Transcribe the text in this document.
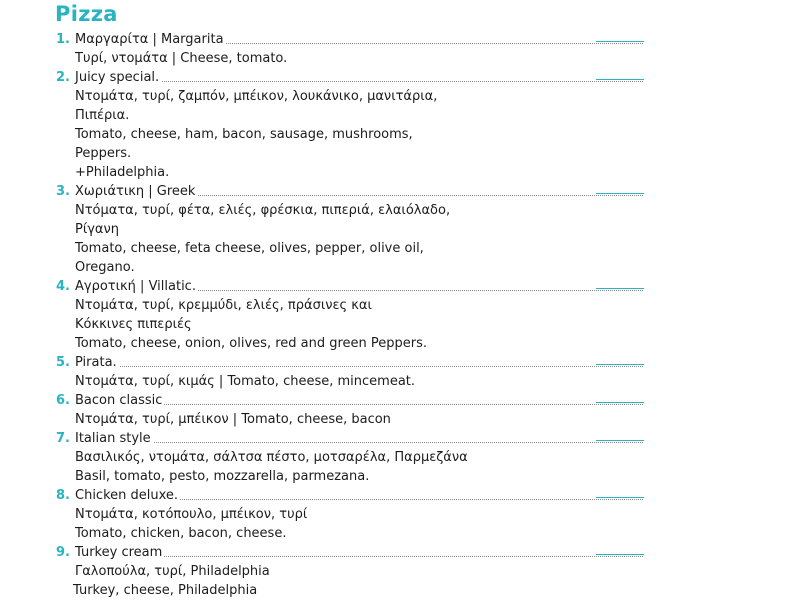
Pizza
1. Μαργαρίτα | Margarita
Τυρί, ντομάτα | Cheese, tomato.
2. Juicy special.
Ντομάτα, τυρί, ζαμπόν, μπέικον, λουκάνικο, μανιτάρια,
Πιπέρια.
Tomato, cheese, ham, bacon, sausage, mushrooms,
Peppers.
+Philadelphia.
3. Χωριάτικη | Greek
Ντόματα, τυρί, φέτα, ελιές, φρέσκια, πιπεριά, ελαιόλαδο,
Ρίγανη
Tomato, cheese, feta cheese, olives, pepper, olive oil,
Oregano.
4. Αγροτική | Villatic.
Ντομάτα, τυρί, κρεμμύδι, ελιές, πράσινες και
Κόκκινες πιπεριές
Tomato, cheese, onion, olives, red and green Peppers.
5. Pirata.
Ντομάτα, τυρί, κιμάς | Tomato, cheese, mincemeat.
6. Bacon classic
Ντομάτα, τυρί, μπέικον | Tomato, cheese, bacon
7. Italian style
Βασιλικός, ντομάτα, σάλτσα πέστο, μοτσαρέλα, Παρμεζάνα
Basil, tomato, pesto, mozzarella, parmezana.
8. Chicken deluxe.
Ντομάτα, κοτόπουλο, μπέικον, τυρί
Tomato, chicken, bacon, cheese.
9. Turkey cream
Γαλοπούλα, τυρί, Philadelphia
Turkey, cheese, Philadelphia
